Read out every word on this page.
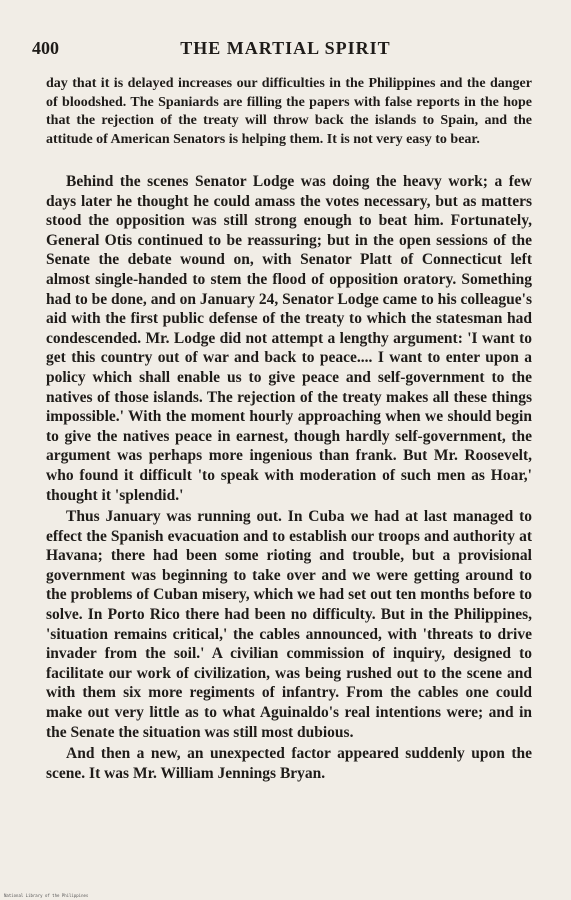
400	THE MARTIAL SPIRIT
day that it is delayed increases our difficulties in the Philippines and the danger of bloodshed. The Spaniards are filling the papers with false reports in the hope that the rejection of the treaty will throw back the islands to Spain, and the attitude of American Senators is helping them. It is not very easy to bear.

Behind the scenes Senator Lodge was doing the heavy work; a few days later he thought he could amass the votes necessary, but as matters stood the opposition was still strong enough to beat him. Fortunately, General Otis continued to be reassuring; but in the open sessions of the Senate the debate wound on, with Senator Platt of Connecticut left almost single-handed to stem the flood of opposition oratory. Something had to be done, and on January 24, Senator Lodge came to his colleague's aid with the first public defense of the treaty to which the statesman had condescended. Mr. Lodge did not attempt a lengthy argument: 'I want to get this country out of war and back to peace.... I want to enter upon a policy which shall enable us to give peace and self-government to the natives of those islands. The rejection of the treaty makes all these things impossible.' With the moment hourly approaching when we should begin to give the natives peace in earnest, though hardly self-government, the argument was perhaps more ingenious than frank. But Mr. Roosevelt, who found it difficult 'to speak with moderation of such men as Hoar,' thought it 'splendid.'

Thus January was running out. In Cuba we had at last managed to effect the Spanish evacuation and to establish our troops and authority at Havana; there had been some rioting and trouble, but a provisional government was beginning to take over and we were getting around to the problems of Cuban misery, which we had set out ten months before to solve. In Porto Rico there had been no difficulty. But in the Philippines, 'situation remains critical,' the cables announced, with 'threats to drive invader from the soil.' A civilian commission of inquiry, designed to facilitate our work of civilization, was being rushed out to the scene and with them six more regiments of infantry. From the cables one could make out very little as to what Aguinaldo's real intentions were; and in the Senate the situation was still most dubious.

And then a new, an unexpected factor appeared suddenly upon the scene. It was Mr. William Jennings Bryan.

National Library of the Philippines
